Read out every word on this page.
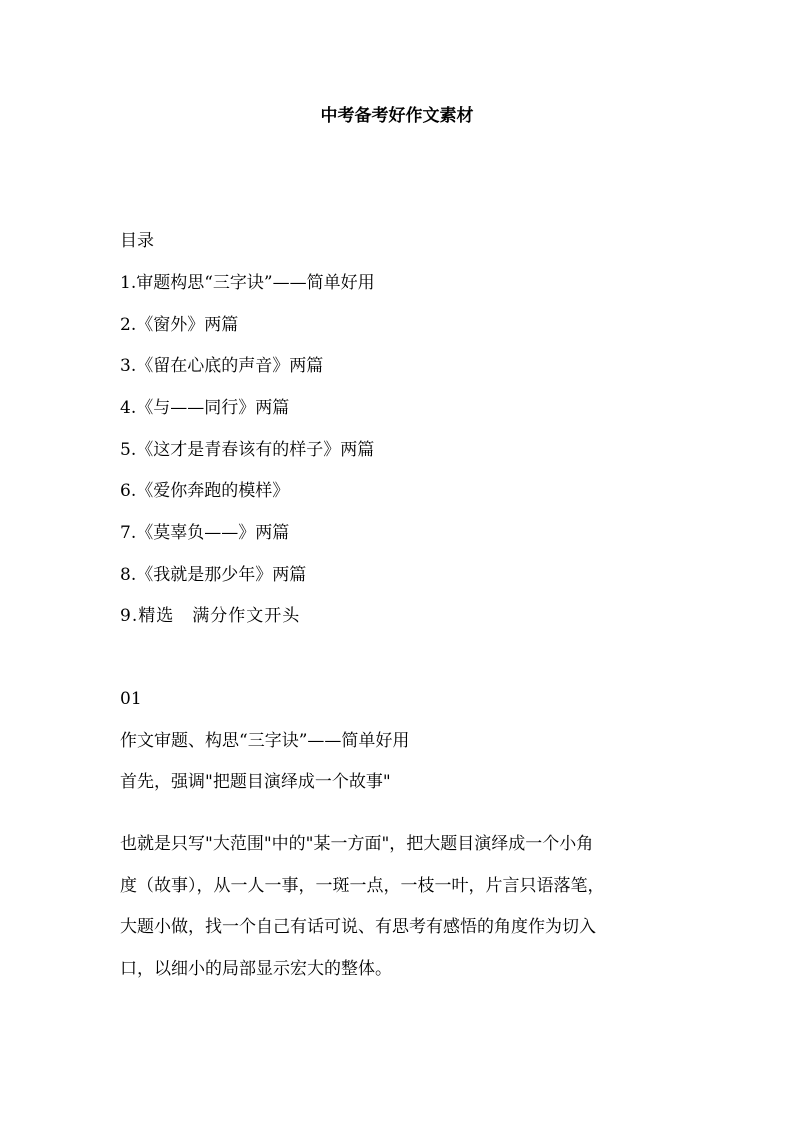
中考备考好作文素材
目录
1.审题构思“三字诀”——简单好用
2.《窗外》两篇
3.《留在心底的声音》两篇
4.《与——同行》两篇
5.《这才是青春该有的样子》两篇
6.《爱你奔跑的模样》
7.《莫辜负——》两篇
8.《我就是那少年》两篇
9.精选　满分作文开头
01
作文审题、构思“三字诀”——简单好用
首先，强调"把题目演绎成一个故事"
也就是只写"大范围"中的"某一方面"，把大题目演绎成一个小角
度（故事），从一人一事，一斑一点，一枝一叶，片言只语落笔，
大题小做，找一个自己有话可说、有思考有感悟的角度作为切入
口，以细小的局部显示宏大的整体。
